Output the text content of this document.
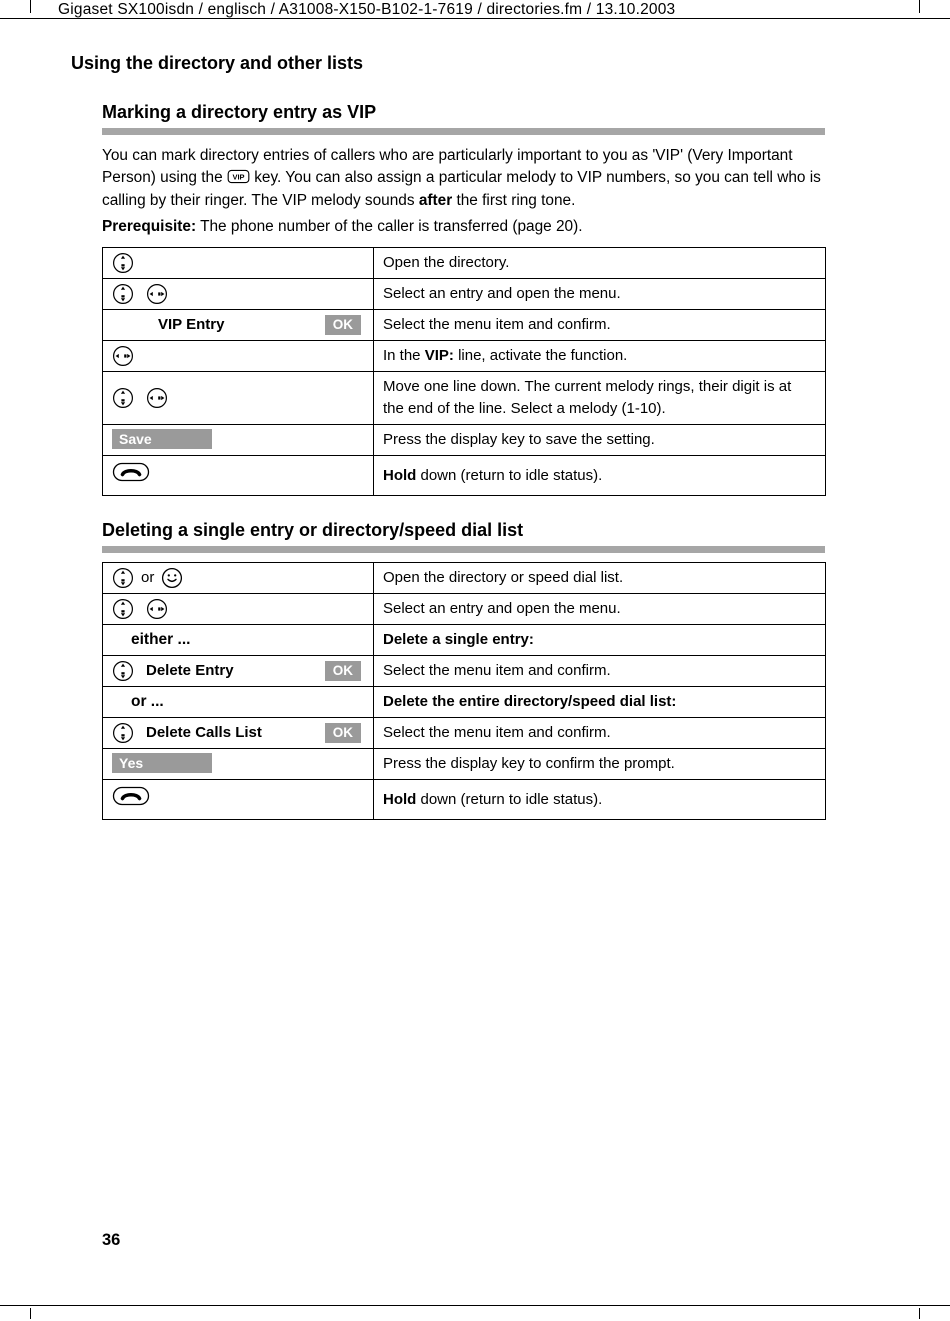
Gigaset SX100isdn / englisch / A31008-X150-B102-1-7619 / directories.fm / 13.10.2003
Using the directory and other lists
Marking a directory entry as VIP

You can mark directory entries of callers who are particularly important to you as 'VIP' (Very Important Person) using the key. You can also assign a particular melody to VIP numbers, so you can tell who is calling by their ringer. The VIP melody sounds after the first ring tone.

Prerequisite: The phone number of the caller is transferred (page 20).

	Open the directory.

	Select an entry and open the menu.

VIP Entry OK	Select the menu item and confirm.

	In the VIP: line, activate the function.

	Move one line down. The current melody rings, their digit is at the end of the line. Select a melody (1-10).
Save	Press the display key to save the setting.
	Hold down (return to idle status).
Deleting a single entry or directory/speed dial list
or	Open the directory or speed dial list.

	Select an entry and open the menu.
either ...	Delete a single entry:

Delete Entry OK	Select the menu item and confirm.
or ...	Delete the entire directory/speed dial list:

Delete Calls List OK	Select the menu item and confirm.
Yes	Press the display key to confirm the prompt.
	Hold down (return to idle status).
36
